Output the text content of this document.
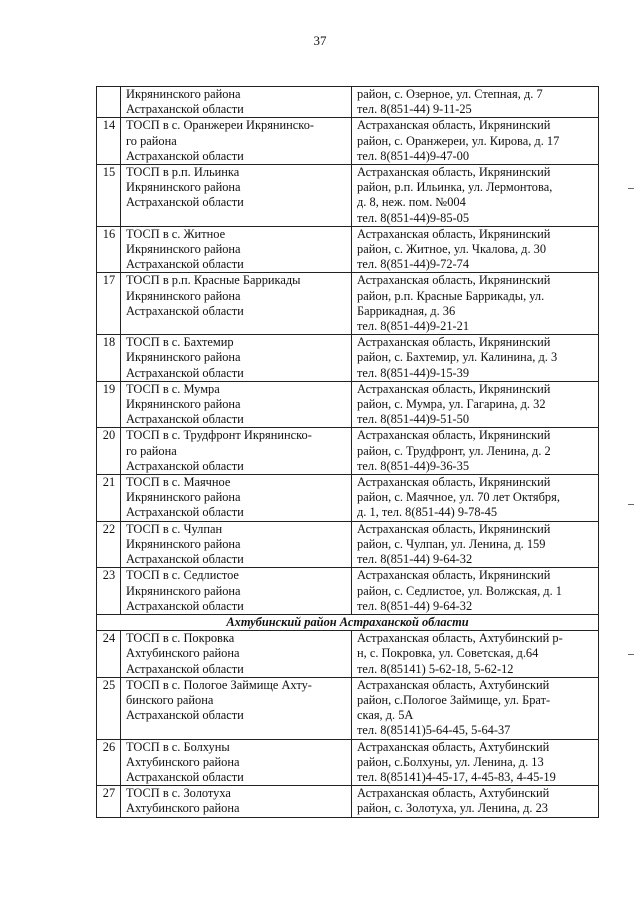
37
	Икрянинского района
Астраханской области	район, с. Озерное, ул. Степная, д. 7
тел. 8(851-44) 9-11-25
14	ТОСП в с. Оранжереи Икрянинско-
го района
Астраханской области	Астраханская область, Икрянинский
район, с. Оранжереи, ул. Кирова, д. 17
тел. 8(851-44)9-47-00
15	ТОСП в р.п. Ильинка
Икрянинского района
Астраханской области	Астраханская область, Икрянинский
район, р.п. Ильинка, ул. Лермонтова,
д. 8, неж. пом. №004
тел. 8(851-44)9-85-05
16	ТОСП в с. Житное
Икрянинского района
Астраханской области	Астраханская область, Икрянинский
район, с. Житное, ул. Чкалова, д. 30
тел. 8(851-44)9-72-74
17	ТОСП в р.п. Красные Баррикады
Икрянинского района
Астраханской области	Астраханская область, Икрянинский
район, р.п. Красные Баррикады, ул.
Баррикадная, д. 36
тел. 8(851-44)9-21-21
18	ТОСП в с. Бахтемир
Икрянинского района
Астраханской области	Астраханская область, Икрянинский
район, с. Бахтемир, ул. Калинина, д. 3
тел. 8(851-44)9-15-39
19	ТОСП в с. Мумра
Икрянинского района
Астраханской области	Астраханская область, Икрянинский
район, с. Мумра, ул. Гагарина, д. 32
тел. 8(851-44)9-51-50
20	ТОСП в с. Трудфронт Икрянинско-
го района
Астраханской области	Астраханская область, Икрянинский
район, с. Трудфронт, ул. Ленина, д. 2
тел. 8(851-44)9-36-35
21	ТОСП в с. Маячное
Икрянинского района
Астраханской области	Астраханская область, Икрянинский
район, с. Маячное, ул. 70 лет Октября,
д. 1, тел. 8(851-44) 9-78-45
22	ТОСП в с. Чулпан
Икрянинского района
Астраханской области	Астраханская область, Икрянинский
район, с. Чулпан, ул. Ленина, д. 159
тел. 8(851-44) 9-64-32
23	ТОСП в с. Седлистое
Икрянинского района
Астраханской области	Астраханская область, Икрянинский
район, с. Седлистое, ул. Волжская, д. 1
тел. 8(851-44) 9-64-32
Ахтубинский район Астраханской области		
24	ТОСП в с. Покровка
Ахтубинского района
Астраханской области	Астраханская область, Ахтубинский р-
н, с. Покровка, ул. Советская, д.64
тел. 8(85141) 5-62-18, 5-62-12
25	ТОСП в с. Пологое Займище Ахту-
бинского района
Астраханской области	Астраханская область, Ахтубинский
район, с.Пологое Займище, ул. Брат-
ская, д. 5А
тел. 8(85141)5-64-45, 5-64-37
26	ТОСП в с. Болхуны
Ахтубинского района
Астраханской области	Астраханская область, Ахтубинский
район, с.Болхуны, ул. Ленина, д. 13
тел. 8(85141)4-45-17, 4-45-83, 4-45-19
27	ТОСП в с. Золотуха
Ахтубинского района	Астраханская область, Ахтубинский
район, с. Золотуха, ул. Ленина, д. 23
